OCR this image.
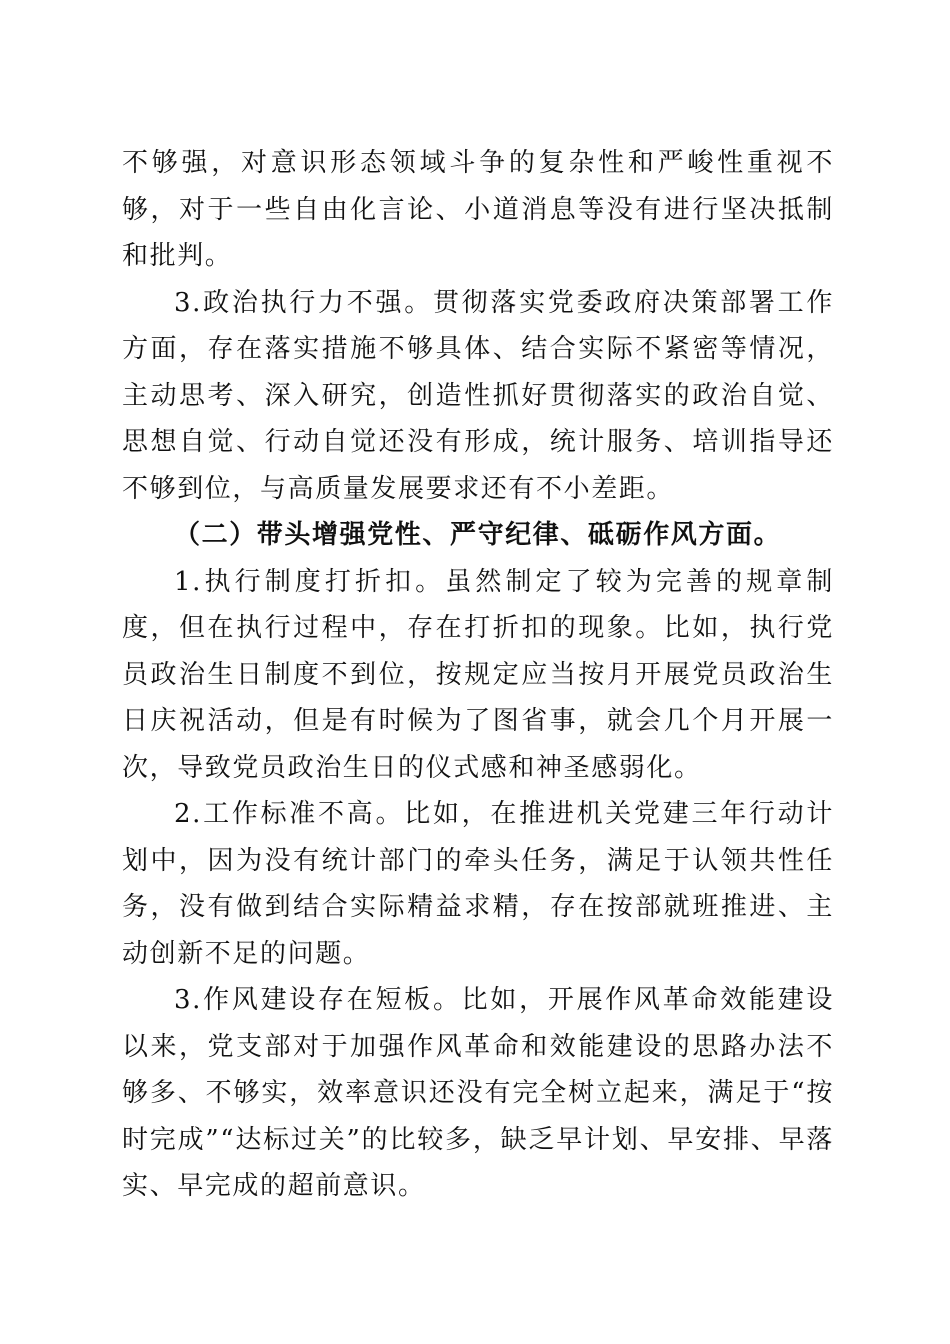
不够强，对意识形态领域斗争的复杂性和严峻性重视不够，对于一些自由化言论、小道消息等没有进行坚决抵制和批判。

3.政治执行力不强。贯彻落实党委政府决策部署工作方面，存在落实措施不够具体、结合实际不紧密等情况，主动思考、深入研究，创造性抓好贯彻落实的政治自觉、思想自觉、行动自觉还没有形成，统计服务、培训指导还不够到位，与高质量发展要求还有不小差距。

（二）带头增强党性、严守纪律、砥砺作风方面。

1.执行制度打折扣。虽然制定了较为完善的规章制度，但在执行过程中，存在打折扣的现象。比如，执行党员政治生日制度不到位，按规定应当按月开展党员政治生日庆祝活动，但是有时候为了图省事，就会几个月开展一次，导致党员政治生日的仪式感和神圣感弱化。

2.工作标准不高。比如，在推进机关党建三年行动计划中，因为没有统计部门的牵头任务，满足于认领共性任务，没有做到结合实际精益求精，存在按部就班推进、主动创新不足的问题。

3.作风建设存在短板。比如，开展作风革命效能建设以来，党支部对于加强作风革命和效能建设的思路办法不够多、不够实，效率意识还没有完全树立起来，满足于“按时完成”“达标过关”的比较多，缺乏早计划、早安排、早落实、早完成的超前意识。
